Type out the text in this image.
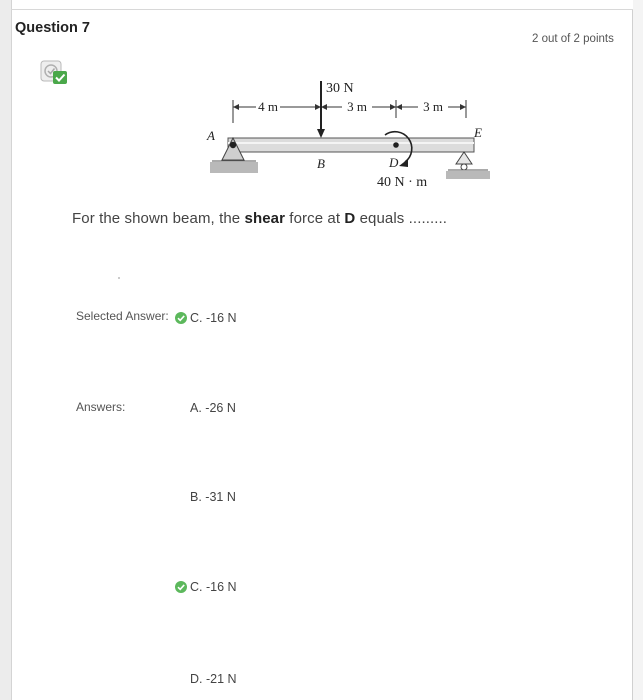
Question 7
2 out of 2 points
4 m	3 m	3 m
30 N
A
B	D
E
40 N · m
For the shown beam, the shear force at D equals .........
Selected Answer: C. -16 N
Answers:	A. -26 N
B. -31 N
C. -16 N
D. -21 N
